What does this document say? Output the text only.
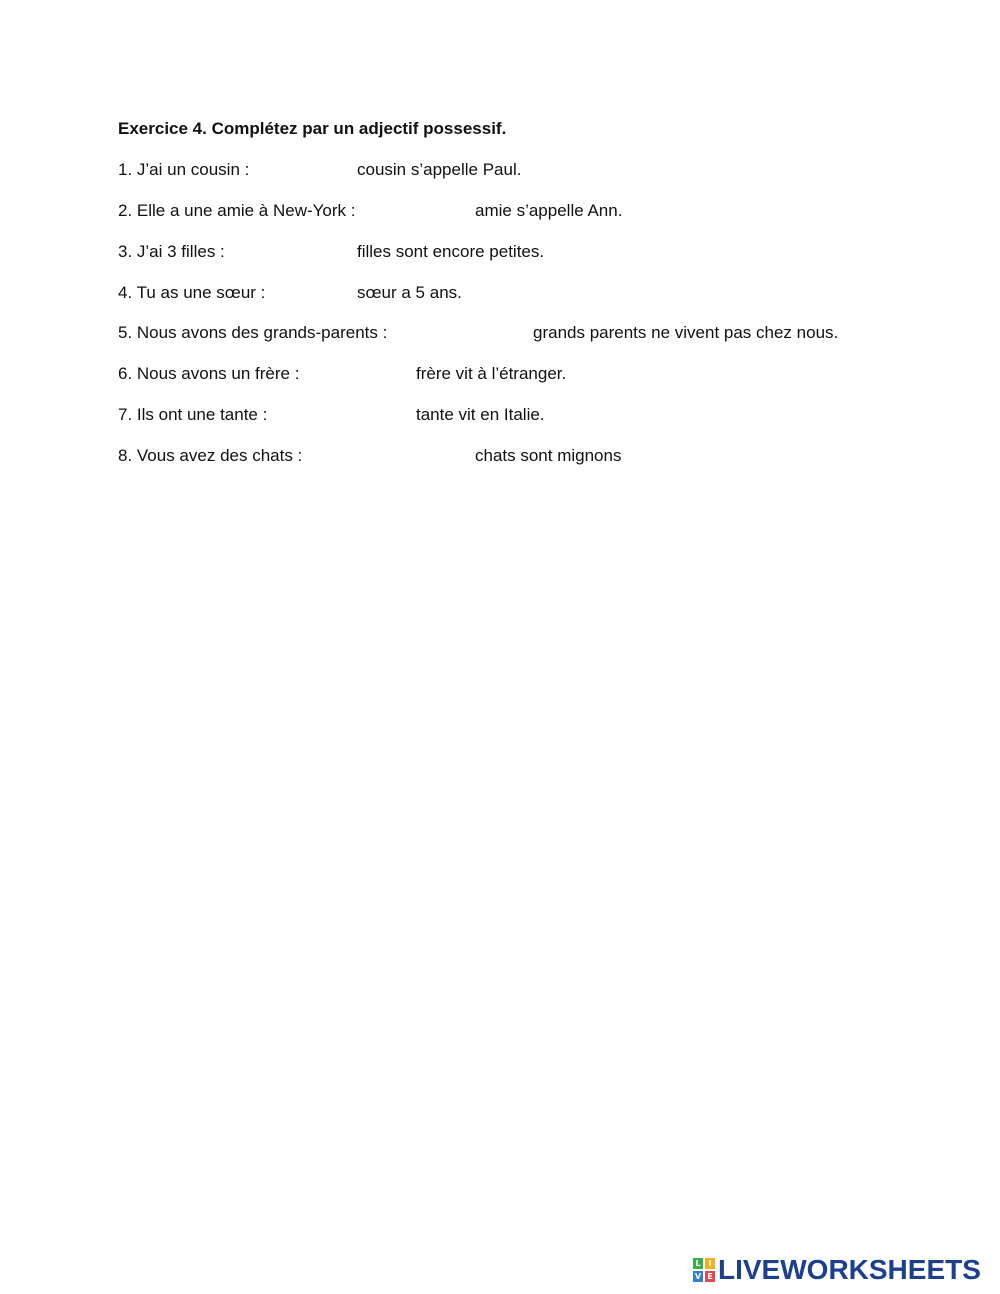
Exercice 4. Complétez par un adjectif possessif.
1. J’ai un cousin :	cousin s’appelle Paul.
2. Elle a une amie à New-York :	amie s’appelle Ann.
3. J’ai 3 filles :	filles sont encore petites.
4. Tu as une sœur :	sœur a 5 ans.
5. Nous avons des grands-parents :	grands parents ne vivent pas chez nous.
6. Nous avons un frère :	frère vit à l’étranger.
7. Ils ont une tante :	tante vit en Italie.
8. Vous avez des chats :	chats sont mignons
L I
V E LIVEWORKSHEETS
